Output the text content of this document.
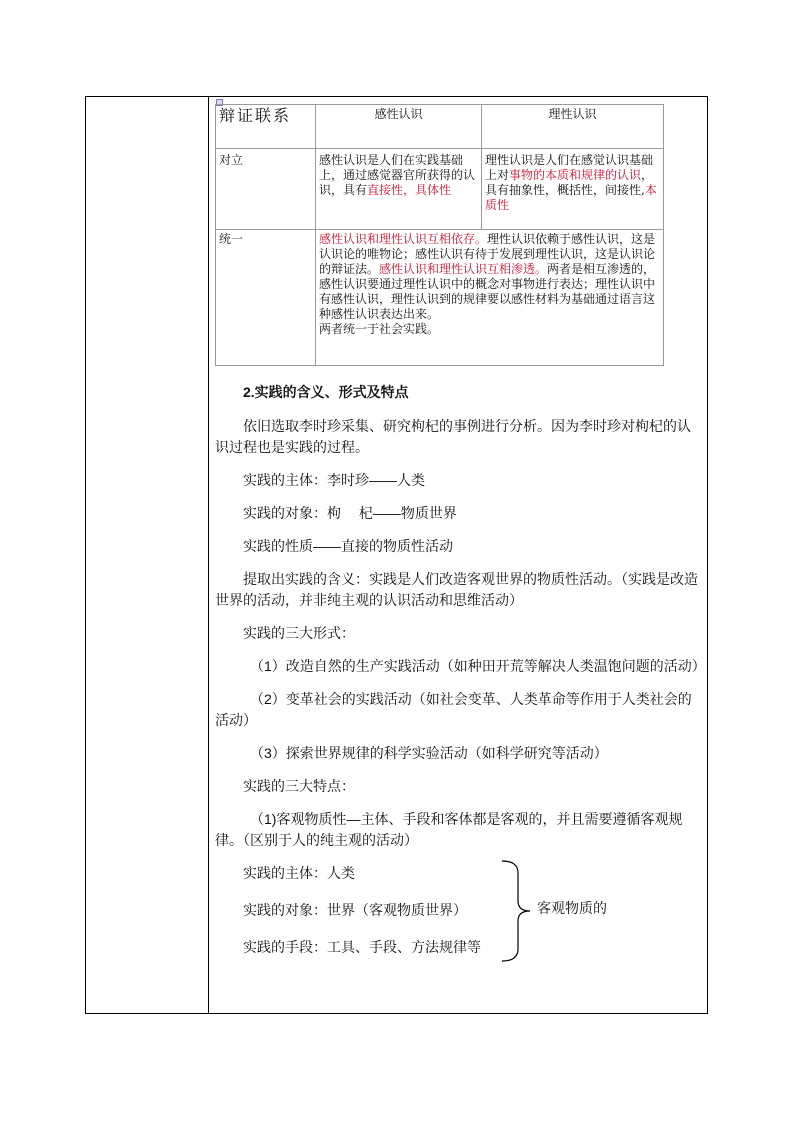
辩证联系	感性认识	理性认识
对立	感性认识是人们在实践基础上，通过感觉器官所获得的认识，具有直接性，具体性	理性认识是人们在感觉认识基础上对事物的本质和规律的认识，具有抽象性，概括性，间接性,本质性
统一	感性认识和理性认识互相依存。理性认识依赖于感性认识，这是认识论的唯物论；感性认识有待于发展到理性认识，这是认识论的辩证法。感性认识和理性认识互相渗透。两者是相互渗透的，感性认识要通过理性认识中的概念对事物进行表达；理性认识中有感性认识，理性认识到的规律要以感性材料为基础通过语言这种感性认识表达出来。
两者统一于社会实践。	

2.实践的含义、形式及特点

依旧选取李时珍采集、研究枸杞的事例进行分析。因为李时珍对枸杞的认识过程也是实践的过程。

实践的主体：李时珍——人类

实践的对象：枸　 杞——物质世界

实践的性质——直接的物质性活动

提取出实践的含义：实践是人们改造客观世界的物质性活动。（实践是改造世界的活动，并非纯主观的认识活动和思维活动）

实践的三大形式：

（1）改造自然的生产实践活动（如种田开荒等解决人类温饱问题的活动）

（2）变革社会的实践活动（如社会变革、人类革命等作用于人类社会的活动）

（3）探索世界规律的科学实验活动（如科学研究等活动）

实践的三大特点：

（1)客观物质性—主体、手段和客体都是客观的，并且需要遵循客观规律。（区别于人的纯主观的活动）

实践的主体：人类
实践的对象：世界（客观物质世界）
实践的手段：工具、手段、方法规律等
客观物质的
